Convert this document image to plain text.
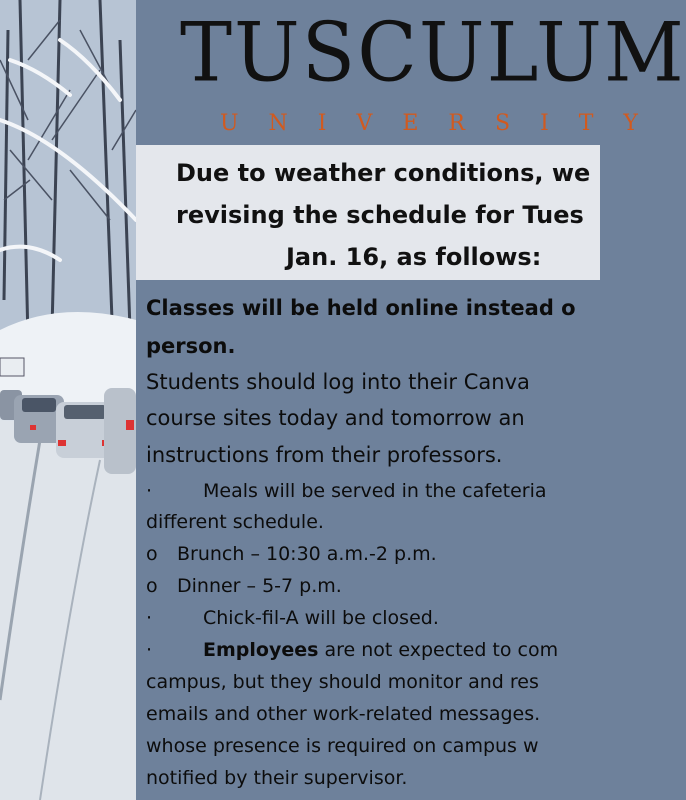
TUSCULUM
UNIVERSITY
Due to weather conditions, we
revising the schedule for Tues
Jan. 16, as follows:
Classes will be held online instead o
person.
Students should log into their Canva
course sites today and tomorrow an
instructions from their professors.
·	Meals will be served in the cafeteria
different schedule.
o Brunch – 10:30 a.m.-2 p.m.
o Dinner – 5-7 p.m.
·	Chick-fil-A will be closed.
·	Employees are not expected to com
campus, but they should monitor and res
emails and other work-related messages.
whose presence is required on campus w
notified by their supervisor.
